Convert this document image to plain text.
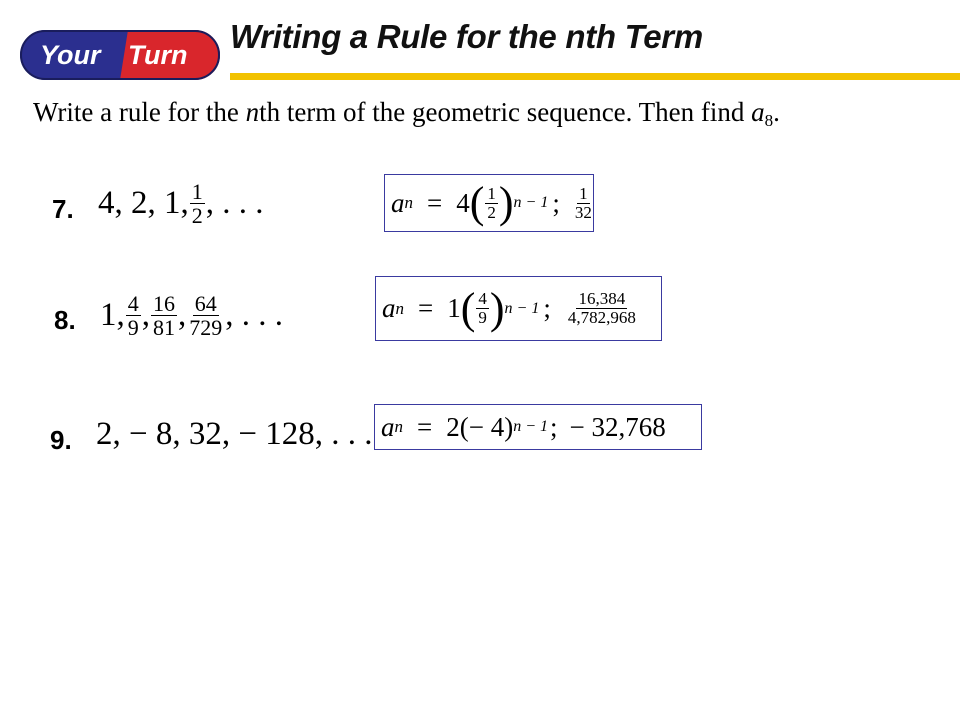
Your Turn Writing a Rule for the nth Term
Write a rule for the nth term of the geometric sequence. Then find $a_8$.
7. 4, 2, 1, $\frac{1}{2}$ , . . .	a n = 4 ( $\frac{1}{2}$ ) n − 1 ; $\frac{1}{32}$
8. 1, $\frac{4}{9}$ , $\frac{16}{81}$ , $\frac{64}{729}$ , . . .	a n = 1 ( $\frac{4}{9}$ ) n − 1 ; $\frac{16,384}{4,782,968}$
9. 2, − 8, 32, − 128, . . . a n = 2(− 4) n − 1 ; − 32,768
